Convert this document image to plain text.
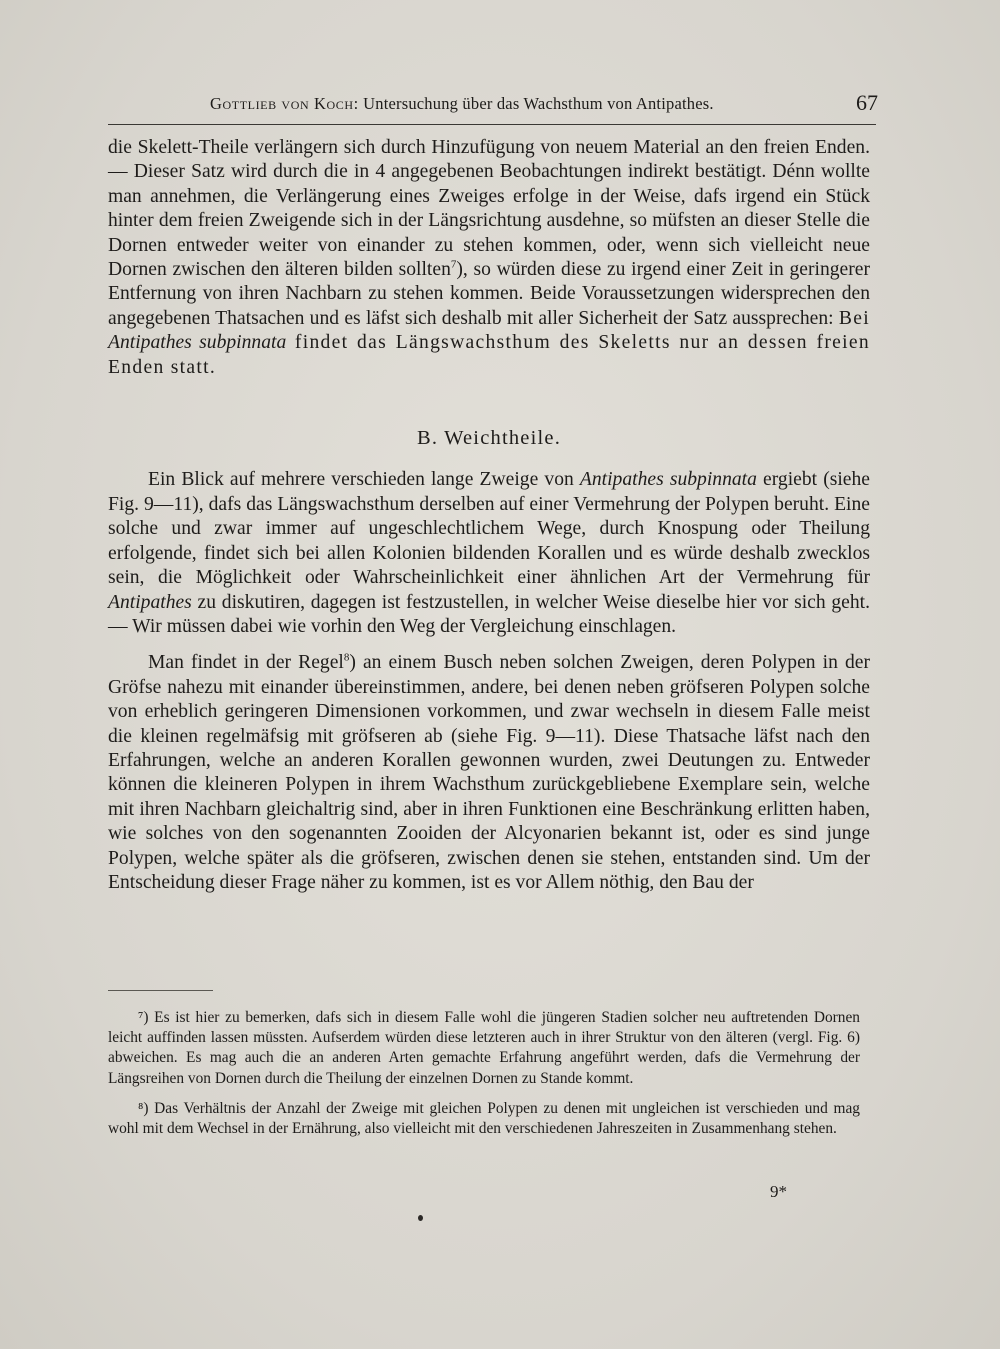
Gottlieb von Koch: Untersuchung über das Wachsthum von Antipathes.	67

die Skelett-Theile verlängern sich durch Hinzufügung von neuem Material an den freien Enden. — Dieser Satz wird durch die in 4 angegebenen Beobachtungen indirekt bestätigt. Dénn wollte man annehmen, die Verlängerung eines Zweiges erfolge in der Weise, dafs irgend ein Stück hinter dem freien Zweigende sich in der Längsrichtung ausdehne, so müfsten an dieser Stelle die Dornen entweder weiter von einander zu stehen kommen, oder, wenn sich vielleicht neue Dornen zwischen den älteren bilden sollten$^7$), so würden diese zu irgend einer Zeit in geringerer Entfernung von ihren Nachbarn zu stehen kommen. Beide Voraussetzungen widersprechen den angegebenen Thatsachen und es läfst sich deshalb mit aller Sicherheit der Satz aussprechen: Bei Antipathes subpinnata findet das Längswachsthum des Skeletts nur an dessen freien Enden statt.

B. Weichtheile.

Ein Blick auf mehrere verschieden lange Zweige von Antipathes subpinnata ergiebt (siehe Fig. 9—11), dafs das Längswachsthum derselben auf einer Vermehrung der Polypen beruht. Eine solche und zwar immer auf ungeschlechtlichem Wege, durch Knospung oder Theilung erfolgende, findet sich bei allen Kolonien bildenden Korallen und es würde deshalb zwecklos sein, die Möglichkeit oder Wahrscheinlichkeit einer ähnlichen Art der Vermehrung für Antipathes zu diskutiren, dagegen ist festzustellen, in welcher Weise dieselbe hier vor sich geht. — Wir müssen dabei wie vorhin den Weg der Vergleichung einschlagen.

Man findet in der Regel$^8$) an einem Busch neben solchen Zweigen, deren Polypen in der Gröfse nahezu mit einander übereinstimmen, andere, bei denen neben gröfseren Polypen solche von erheblich geringeren Dimensionen vorkommen, und zwar wechseln in diesem Falle meist die kleinen regelmäfsig mit gröfseren ab (siehe Fig. 9—11). Diese Thatsache läfst nach den Erfahrungen, welche an anderen Korallen gewonnen wurden, zwei Deutungen zu. Entweder können die kleineren Polypen in ihrem Wachsthum zurückgebliebene Exemplare sein, welche mit ihren Nachbarn gleichaltrig sind, aber in ihren Funktionen eine Beschränkung erlitten haben, wie solches von den sogenannten Zooiden der Alcyonarien bekannt ist, oder es sind junge Polypen, welche später als die gröfseren, zwischen denen sie stehen, entstanden sind. Um der Entscheidung dieser Frage näher zu kommen, ist es vor Allem nöthig, den Bau der

⁷) Es ist hier zu bemerken, dafs sich in diesem Falle wohl die jüngeren Stadien solcher neu auftretenden Dornen leicht auffinden lassen müssten. Aufserdem würden diese letzteren auch in ihrer Struktur von den älteren (vergl. Fig. 6) abweichen. Es mag auch die an anderen Arten gemachte Erfahrung angeführt werden, dafs die Vermehrung der Längsreihen von Dornen durch die Theilung der einzelnen Dornen zu Stande kommt.

⁸) Das Verhältnis der Anzahl der Zweige mit gleichen Polypen zu denen mit ungleichen ist verschieden und mag wohl mit dem Wechsel in der Ernährung, also vielleicht mit den verschiedenen Jahreszeiten in Zusammenhang stehen.

9*
